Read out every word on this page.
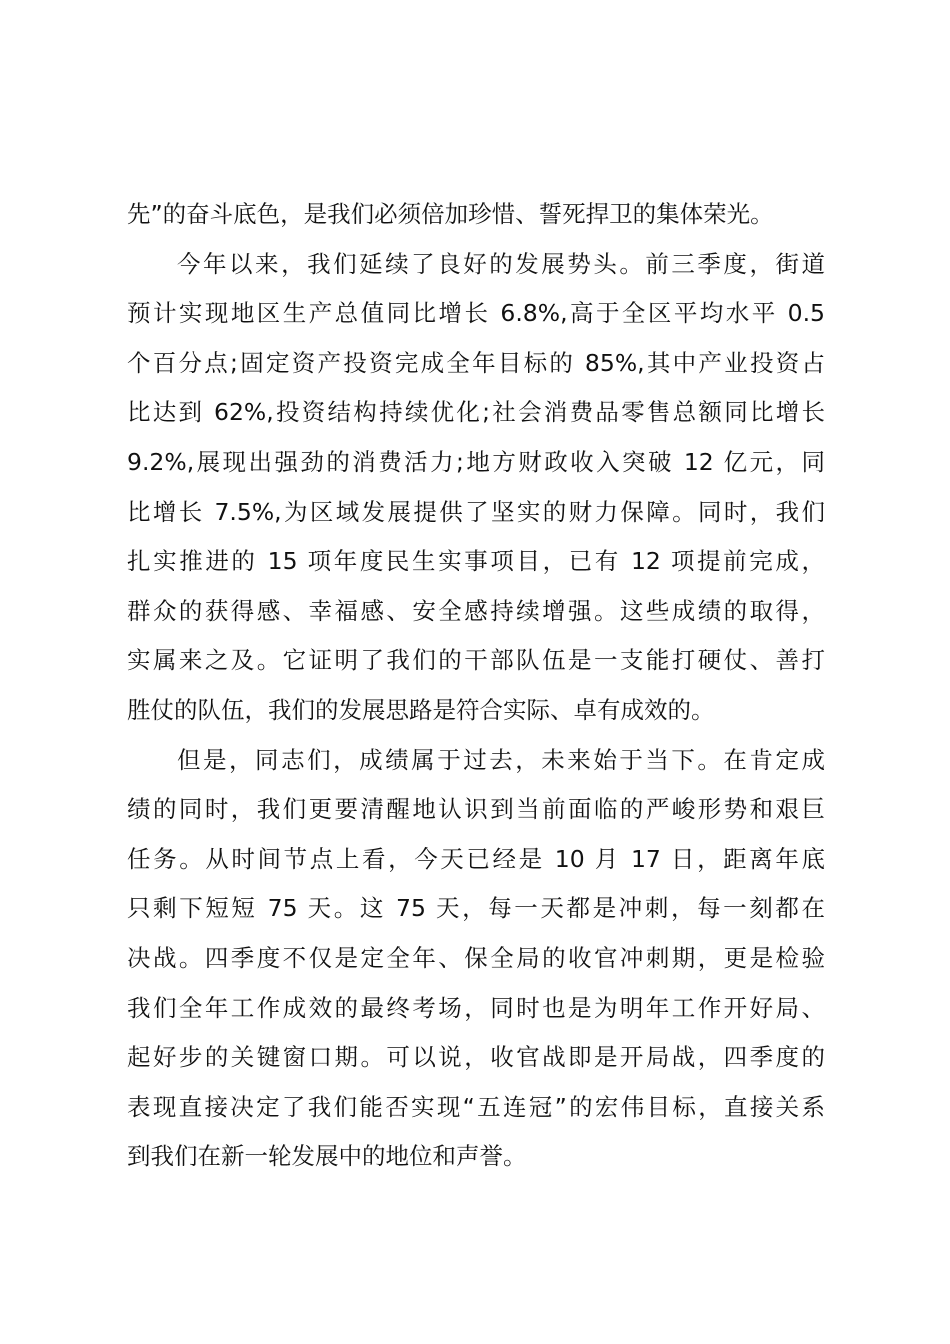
先”的奋斗底色，是我们必须倍加珍惜、誓死捍卫的集体荣光。
今年以来，我们延续了良好的发展势头。前三季度，街道
预计实现地区生产总值同比增长 6.8%,高于全区平均水平 0.5
个百分点;固定资产投资完成全年目标的 85%,其中产业投资占
比达到 62%,投资结构持续优化;社会消费品零售总额同比增长
9.2%,展现出强劲的消费活力;地方财政收入突破 12 亿元，同
比增长 7.5%,为区域发展提供了坚实的财力保障。同时，我们
扎实推进的 15 项年度民生实事项目，已有 12 项提前完成，
群众的获得感、幸福感、安全感持续增强。这些成绩的取得，
实属来之及。它证明了我们的干部队伍是一支能打硬仗、善打
胜仗的队伍，我们的发展思路是符合实际、卓有成效的。
但是，同志们，成绩属于过去，未来始于当下。在肯定成
绩的同时，我们更要清醒地认识到当前面临的严峻形势和艰巨
任务。从时间节点上看，今天已经是 10 月 17 日，距离年底
只剩下短短 75 天。这 75 天，每一天都是冲刺，每一刻都在
决战。四季度不仅是定全年、保全局的收官冲刺期，更是检验
我们全年工作成效的最终考场，同时也是为明年工作开好局、
起好步的关键窗口期。可以说，收官战即是开局战，四季度的
表现直接决定了我们能否实现“五连冠”的宏伟目标，直接关系
到我们在新一轮发展中的地位和声誉。
